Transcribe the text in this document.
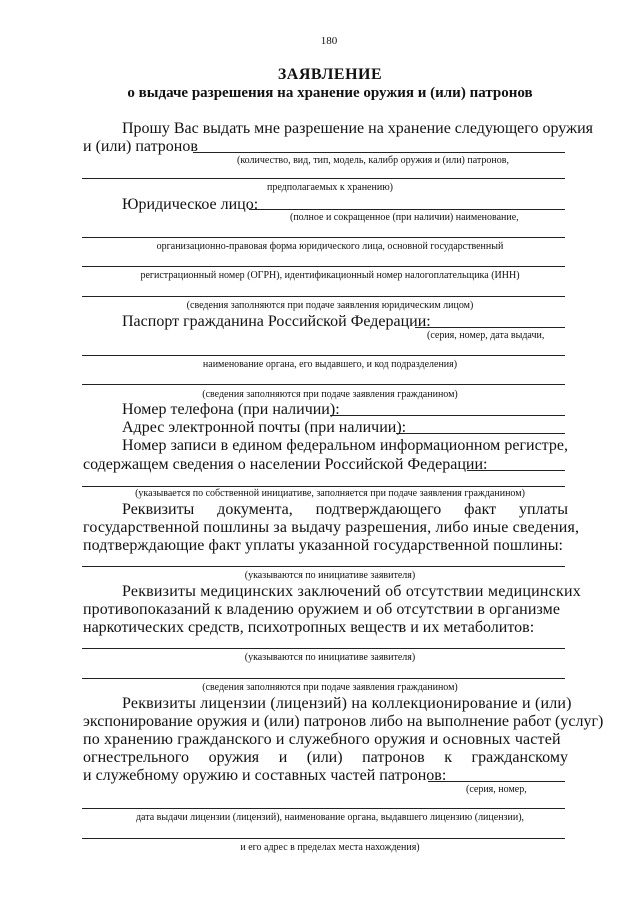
180
ЗАЯВЛЕНИЕ
о выдаче разрешения на хранение оружия и (или) патронов
Прошу Вас выдать мне разрешение на хранение следующего оружия
и (или) патронов
(количество, вид, тип, модель, калибр оружия и (или) патронов,
предполагаемых к хранению)
Юридическое лицо:
(полное и сокращенное (при наличии) наименование,
организационно-правовая форма юридического лица, основной государственный
регистрационный номер (ОГРН), идентификационный номер налогоплательщика (ИНН)
(сведения заполняются при подаче заявления юридическим лицом)
Паспорт гражданина Российской Федерации:
(серия, номер, дата выдачи,
наименование органа, его выдавшего, и код подразделения)
(сведения заполняются при подаче заявления гражданином)
Номер телефона (при наличии):
Адрес электронной почты (при наличии):
Номер записи в едином федеральном информационном регистре,
содержащем сведения о населении Российской Федерации:
(указывается по собственной инициативе, заполняется при подаче заявления гражданином)
Реквизиты документа, подтверждающего факт уплаты
государственной пошлины за выдачу разрешения, либо иные сведения,
подтверждающие факт уплаты указанной государственной пошлины:
(указываются по инициативе заявителя)
Реквизиты медицинских заключений об отсутствии медицинских
противопоказаний к владению оружием и об отсутствии в организме
наркотических средств, психотропных веществ и их метаболитов:
(указываются по инициативе заявителя)
(сведения заполняются при подаче заявления гражданином)
Реквизиты лицензии (лицензий) на коллекционирование и (или)
экспонирование оружия и (или) патронов либо на выполнение работ (услуг)
по хранению гражданского и служебного оружия и основных частей
огнестрельного оружия и (или) патронов к гражданскому
и служебному оружию и составных частей патронов:
(серия, номер,
дата выдачи лицензии (лицензий), наименование органа, выдавшего лицензию (лицензии),
и его адрес в пределах места нахождения)
